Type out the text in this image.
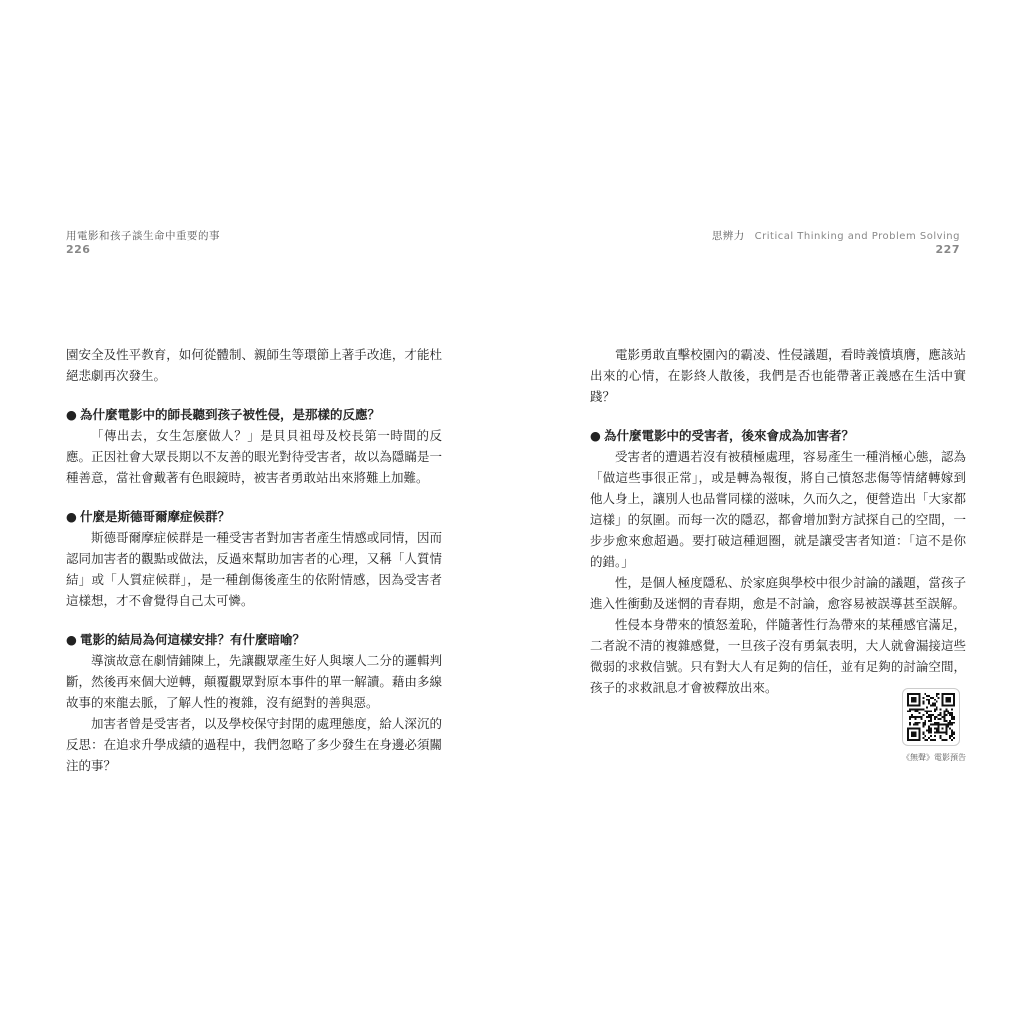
用電影和孩子談生命中重要的事
226

園安全及性平教育，如何從體制、親師生等環節上著手改進，才能杜絕悲劇再次發生。

● 為什麼電影中的師長聽到孩子被性侵，是那樣的反應？

「傳出去，女生怎麼做人？」是貝貝祖母及校長第一時間的反應。正因社會大眾長期以不友善的眼光對待受害者，故以為隱瞞是一種善意，當社會戴著有色眼鏡時，被害者勇敢站出來將難上加難。

● 什麼是斯德哥爾摩症候群？

斯德哥爾摩症候群是一種受害者對加害者產生情感或同情，因而認同加害者的觀點或做法，反過來幫助加害者的心理，又稱「人質情結」或「人質症候群」，是一種創傷後產生的依附情感，因為受害者這樣想，才不會覺得自己太可憐。

● 電影的結局為何這樣安排？有什麼暗喻？

導演故意在劇情鋪陳上，先讓觀眾產生好人與壞人二分的邏輯判斷，然後再來個大逆轉，顛覆觀眾對原本事件的單一解讀。藉由多線故事的來龍去脈，了解人性的複雜，沒有絕對的善與惡。

加害者曾是受害者，以及學校保守封閉的處理態度，給人深沉的反思：在追求升學成績的過程中，我們忽略了多少發生在身邊必須關注的事？

思辨力 Critical Thinking and Problem Solving
227

電影勇敢直擊校園內的霸凌、性侵議題，看時義憤填膺，應該站出來的心情，在影終人散後，我們是否也能帶著正義感在生活中實踐？

● 為什麼電影中的受害者，後來會成為加害者？

受害者的遭遇若沒有被積極處理，容易產生一種消極心態，認為「做這些事很正常」，或是轉為報復，將自己憤怒悲傷等情緒轉嫁到他人身上，讓別人也品嘗同樣的滋味，久而久之，便營造出「大家都這樣」的氛圍。而每一次的隱忍，都會增加對方試探自己的空間，一步步愈來愈超過。要打破這種迴圈，就是讓受害者知道：「這不是你的錯。」

性，是個人極度隱私、於家庭與學校中很少討論的議題，當孩子進入性衝動及迷惘的青春期，愈是不討論，愈容易被誤導甚至誤解。

性侵本身帶來的憤怒羞恥，伴隨著性行為帶來的某種感官滿足，二者說不清的複雜感覺，一旦孩子沒有勇氣表明，大人就會漏接這些微弱的求救信號。只有對大人有足夠的信任，並有足夠的討論空間，孩子的求救訊息才會被釋放出來。

《無聲》電影預告
